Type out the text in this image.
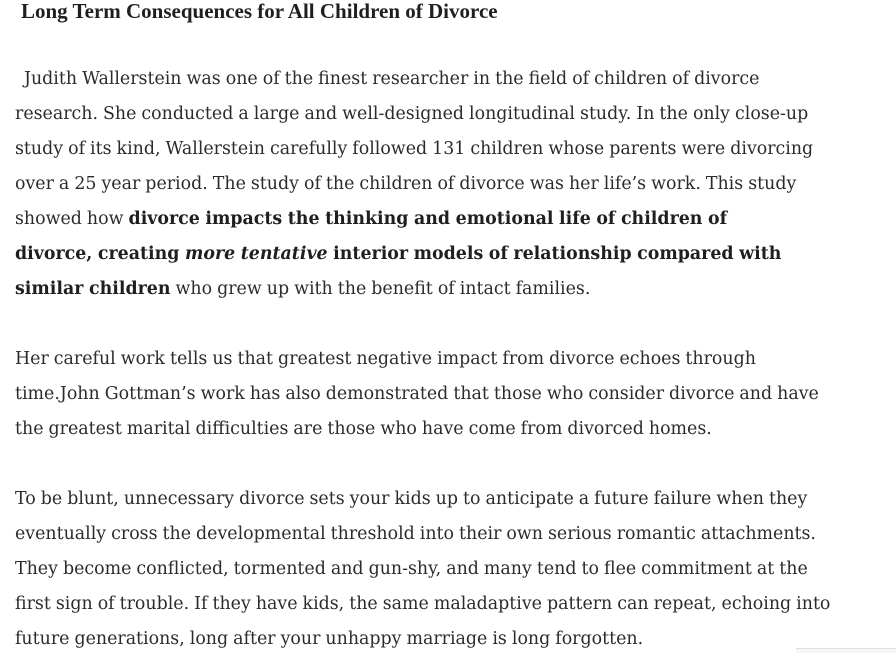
Long Term Consequences for All Children of Divorce

Judith Wallerstein was one of the finest researcher in the field of children of divorce
research. She conducted a large and well-designed longitudinal study. In the only close-up
study of its kind, Wallerstein carefully followed 131 children whose parents were divorcing
over a 25 year period. The study of the children of divorce was her life’s work. This study
showed how divorce impacts the thinking and emotional life of children of
divorce, creating more tentative interior models of relationship compared with
similar children who grew up with the benefit of intact families.

Her careful work tells us that greatest negative impact from divorce echoes through
time.John Gottman’s work has also demonstrated that those who consider divorce and have
the greatest marital difficulties are those who have come from divorced homes.

To be blunt, unnecessary divorce sets your kids up to anticipate a future failure when they
eventually cross the developmental threshold into their own serious romantic attachments.
They become conflicted, tormented and gun-shy, and many tend to flee commitment at the
first sign of trouble. If they have kids, the same maladaptive pattern can repeat, echoing into
future generations, long after your unhappy marriage is long forgotten.
